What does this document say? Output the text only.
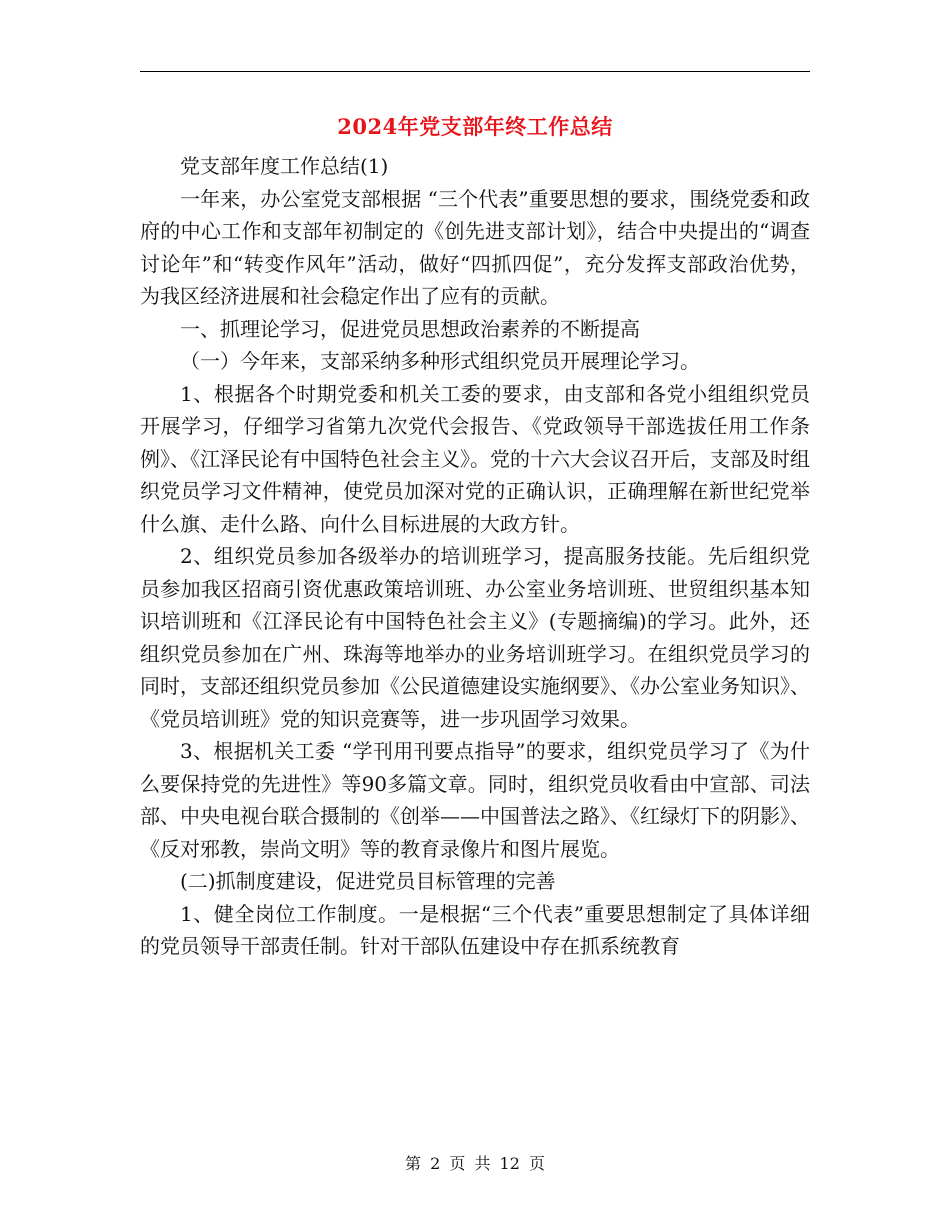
2024年党支部年终工作总结

党支部年度工作总结(1)

一年来，办公室党支部根据 “三个代表”重要思想的要求，围绕党委和政府的中心工作和支部年初制定的《创先进支部计划》，结合中央提出的“调查讨论年”和“转变作风年”活动，做好“四抓四促”，充分发挥支部政治优势，为我区经济进展和社会稳定作出了应有的贡献。

一、抓理论学习，促进党员思想政治素养的不断提高

（一）今年来，支部采纳多种形式组织党员开展理论学习。

1、根据各个时期党委和机关工委的要求，由支部和各党小组组织党员开展学习，仔细学习省第九次党代会报告、《党政领导干部选拔任用工作条例》、《江泽民论有中国特色社会主义》。党的十六大会议召开后，支部及时组织党员学习文件精神，使党员加深对党的正确认识，正确理解在新世纪党举什么旗、走什么路、向什么目标进展的大政方针。

2、组织党员参加各级举办的培训班学习，提高服务技能。先后组织党员参加我区招商引资优惠政策培训班、办公室业务培训班、世贸组织基本知识培训班和《江泽民论有中国特色社会主义》(专题摘编)的学习。此外，还组织党员参加在广州、珠海等地举办的业务培训班学习。在组织党员学习的同时，支部还组织党员参加《公民道德建设实施纲要》、《办公室业务知识》、《党员培训班》党的知识竞赛等，进一步巩固学习效果。

3、根据机关工委 “学刊用刊要点指导”的要求，组织党员学习了《为什么要保持党的先进性》等90多篇文章。同时，组织党员收看由中宣部、司法部、中央电视台联合摄制的《创举——中国普法之路》、《红绿灯下的阴影》、《反对邪教，崇尚文明》等的教育录像片和图片展览。

(二)抓制度建设，促进党员目标管理的完善

1、健全岗位工作制度。一是根据“三个代表”重要思想制定了具体详细的党员领导干部责任制。针对干部队伍建设中存在抓系统教育

第 2 页 共 12 页
